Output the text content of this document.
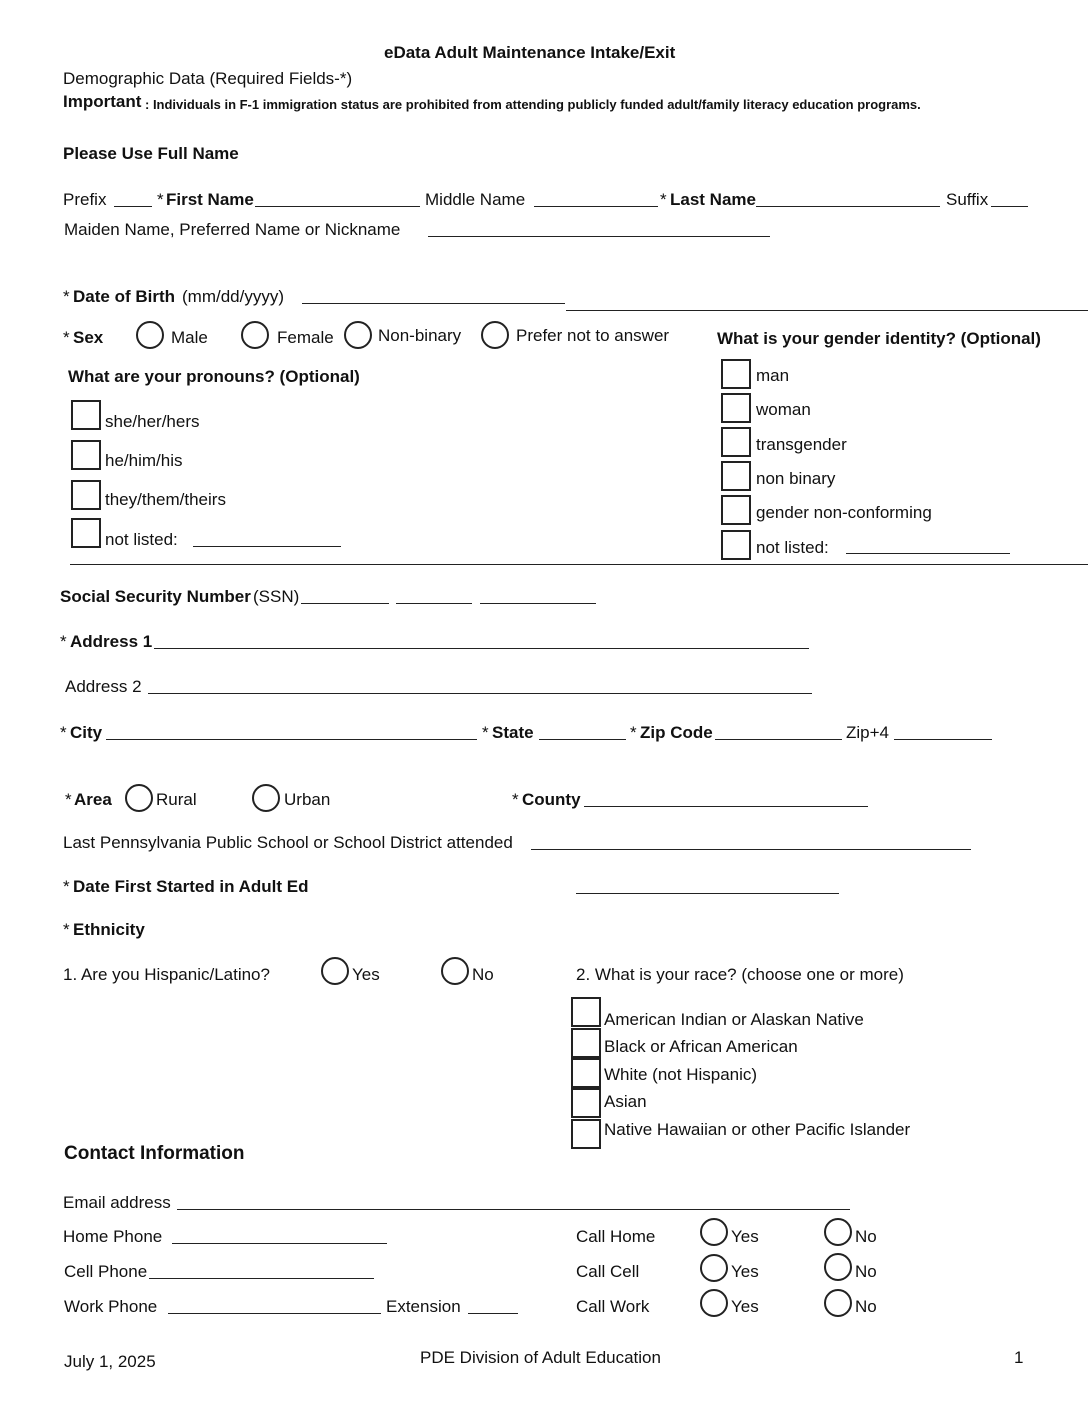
eData Adult Maintenance Intake/Exit
Demographic Data (Required Fields-*)
Important : Individuals in F-1 immigration status are prohibited from attending publicly funded adult/family literacy education programs.
Please Use Full Name
Prefix	* First Name	Middle Name	* Last Name	Suffix
Maiden Name, Preferred Name or Nickname
* Date of Birth (mm/dd/yyyy)
* Sex	Male	Female	Non-binary	Prefer not to answer
What are your pronouns? (Optional)
she/her/hers
he/him/his
they/them/theirs
not listed:
What is your gender identity? (Optional)
man
woman
transgender
non binary
gender non-conforming
not listed:
Social Security Number (SSN)
* Address 1
Address 2
* City	* State	* Zip Code	Zip+4
* Area	Rural	Urban	* County
Last Pennsylvania Public School or School District attended
* Date First Started in Adult Ed
* Ethnicity
1. Are you Hispanic/Latino?	Yes	No	2. What is your race? (choose one or more)
American Indian or Alaskan Native
Black or African American
White (not Hispanic)
Asian
Native Hawaiian or other Pacific Islander
Contact Information
Email address
Home Phone	Call Home	Yes	No
Cell Phone	Call Cell	Yes	No
Work Phone	Extension	Call Work	Yes	No
July 1, 2025	PDE Division of Adult Education	1
